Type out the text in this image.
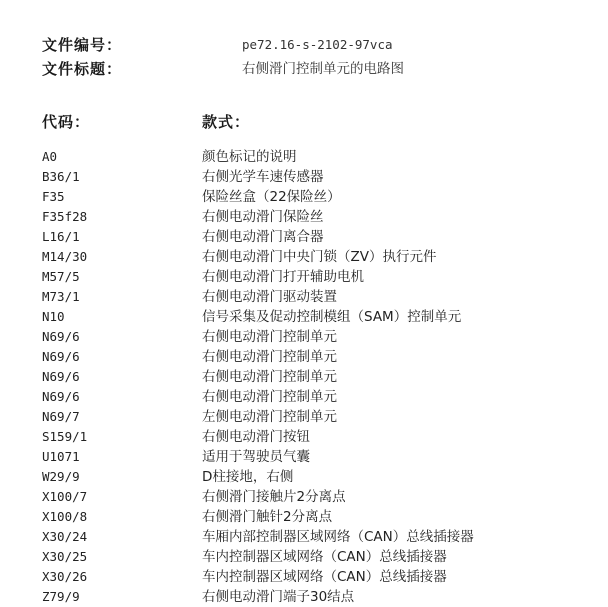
文件编号：	pe72.16-s-2102-97vca
文件标题：	右侧滑门控制单元的电路图
代码：	款式：
A0	颜色标记的说明
B36/1	右侧光学车速传感器
F35	保险丝盒（22保险丝）
F35f28	右侧电动滑门保险丝
L16/1	右侧电动滑门离合器
M14/30	右侧电动滑门中央门锁（ZV）执行元件
M57/5	右侧电动滑门打开辅助电机
M73/1	右侧电动滑门驱动装置
N10	信号采集及促动控制模组（SAM）控制单元
N69/6	右侧电动滑门控制单元
N69/6	右侧电动滑门控制单元
N69/6	右侧电动滑门控制单元
N69/6	右侧电动滑门控制单元
N69/7	左侧电动滑门控制单元
S159/1	右侧电动滑门按钮
U1071	适用于驾驶员气囊
W29/9	D柱接地，右侧
X100/7	右侧滑门接触片2分离点
X100/8	右侧滑门触针2分离点
X30/24	车厢内部控制器区域网络（CAN）总线插接器
X30/25	车内控制器区域网络（CAN）总线插接器
X30/26	车内控制器区域网络（CAN）总线插接器
Z79/9	右侧电动滑门端子30结点
